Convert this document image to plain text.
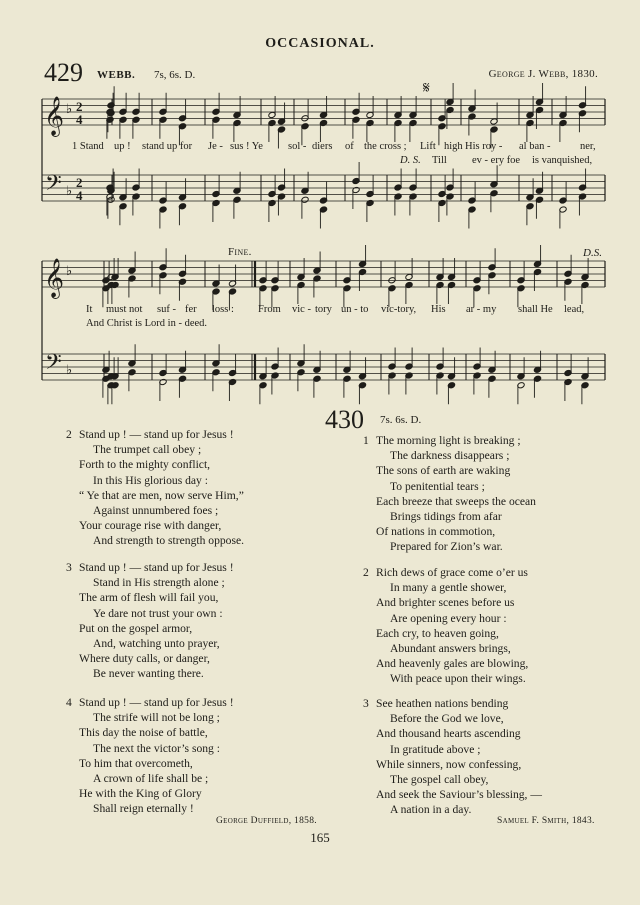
OCCASIONAL.
429 WEBB. 7s, 6s. D.	George J. Webb, 1830.
𝄞
𝄢
♭
♭
2
2
4
4
𝄞
𝄢
♭
♭
1 Stand up ! stand up for Je - sus ! Ye sol - diers of the cross ; Lift high His roy - al ban -	ner,
D. S. Till ev - ery foe is vanquished,
𝄋
Fine.	D.S.
It must not suf - fer loss : From vic - tory un - to vic-tory, His ar - my shall He lead,
And Christ is Lord in - deed.
2 Stand up ! — stand up for Jesus !
The trumpet call obey ;
Forth to the mighty conflict,
In this His glorious day :
“ Ye that are men, now serve Him,”
Against unnumbered foes ;
Your courage rise with danger,
And strength to strength oppose.
3 Stand up ! — stand up for Jesus !
Stand in His strength alone ;
The arm of flesh will fail you,
Ye dare not trust your own :
Put on the gospel armor,
And, watching unto prayer,
Where duty calls, or danger,
Be never wanting there.
4 Stand up ! — stand up for Jesus !
The strife will not be long ;
This day the noise of battle,
The next the victor’s song :
To him that overcometh,
A crown of life shall be ;
He with the King of Glory
Shall reign eternally !
George Duffield, 1858.
430 7s. 6s. D.
1 The morning light is breaking ;
The darkness disappears ;
The sons of earth are waking
To penitential tears ;
Each breeze that sweeps the ocean
Brings tidings from afar
Of nations in commotion,
Prepared for Zion’s war.
2 Rich dews of grace come o’er us
In many a gentle shower,
And brighter scenes before us
Are opening every hour :
Each cry, to heaven going,
Abundant answers brings,
And heavenly gales are blowing,
With peace upon their wings.
3 See heathen nations bending
Before the God we love,
And thousand hearts ascending
In gratitude above ;
While sinners, now confessing,
The gospel call obey,
And seek the Saviour’s blessing, —
A nation in a day.
Samuel F. Smith, 1843.
165
